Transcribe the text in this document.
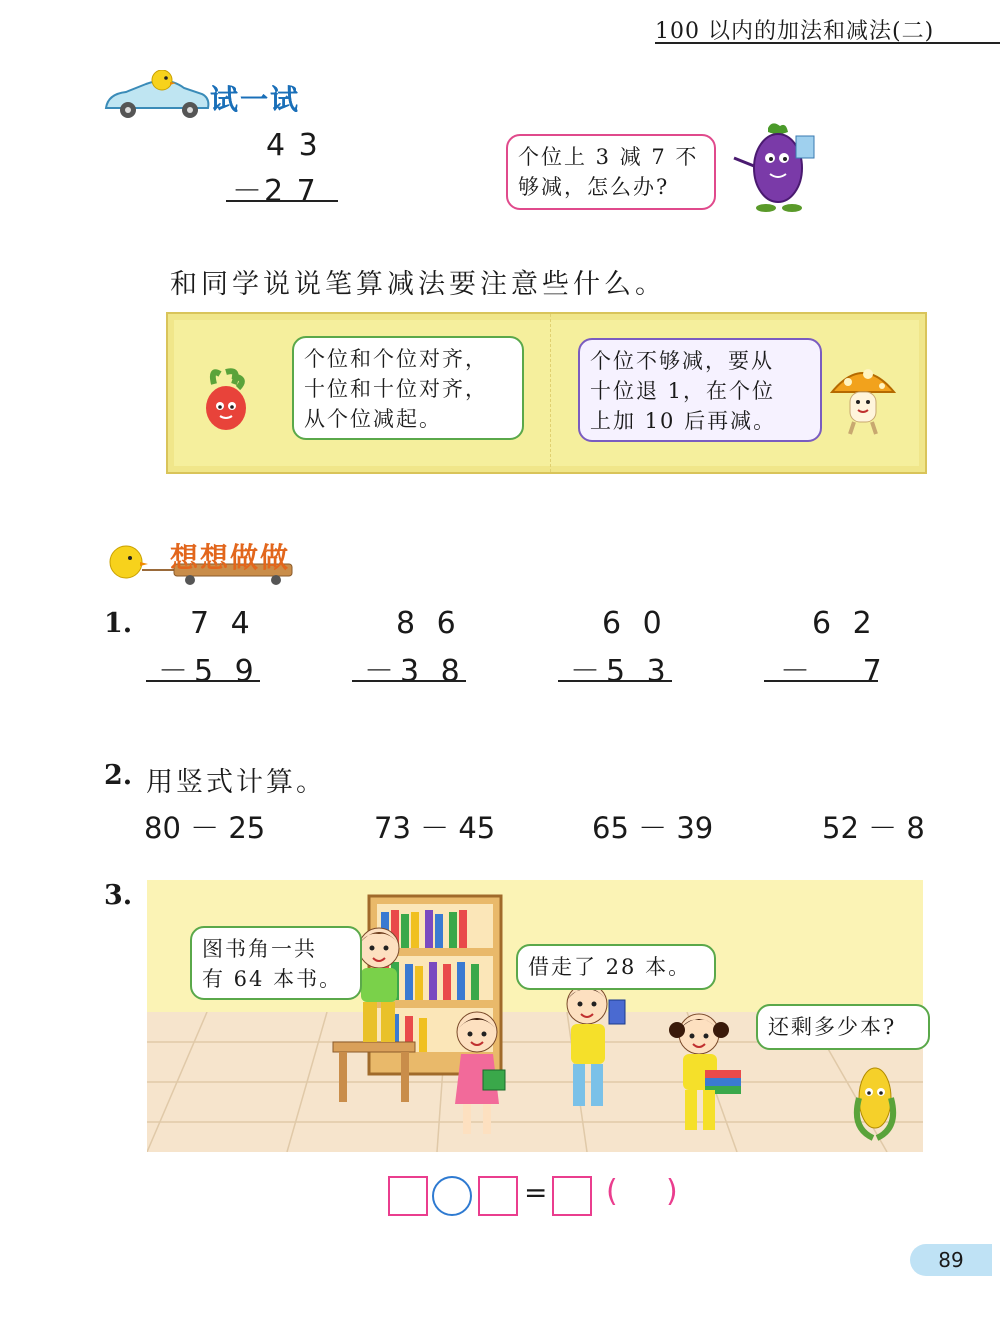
100 以内的加法和减法(二)
试一试
4 3
－2 7
个位上 3 减 7 不
够减，怎么办?
和同学说说笔算减法要注意些什么。
个位和个位对齐，
十位和十位对齐，
从个位减起。
个位不够减，要从
十位退 1，在个位
上加 10 后再减。
想想做做
1. 7 4
－5 9
8 6
－3 8
6 0
－5 3
6 2
－   7
2. 用竖式计算。
80 － 25	73 － 45	65 － 39	52 － 8
3.
图书角一共
有 64 本书。	借走了 28 本。
还剩多少本?
= ( )
89
